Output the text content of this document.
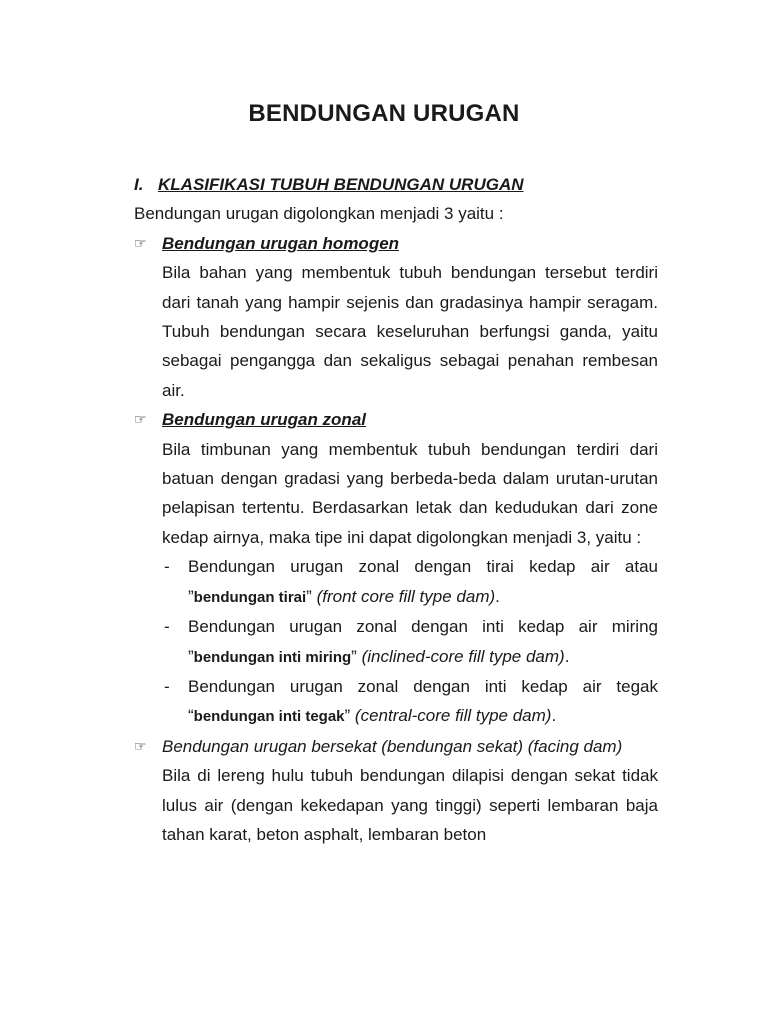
BENDUNGAN URUGAN

I. KLASIFIKASI TUBUH BENDUNGAN URUGAN

Bendungan urugan digolongkan menjadi 3 yaitu :

☞ Bendungan urugan homogen

Bila bahan yang membentuk tubuh bendungan tersebut terdiri dari tanah yang hampir sejenis dan gradasinya hampir seragam. Tubuh bendungan secara keseluruhan berfungsi ganda, yaitu sebagai pengangga dan sekaligus sebagai penahan rembesan air.

☞ Bendungan urugan zonal

Bila timbunan yang membentuk tubuh bendungan terdiri dari batuan dengan gradasi yang berbeda-beda dalam urutan-urutan pelapisan tertentu. Berdasarkan letak dan kedudukan dari zone kedap airnya, maka tipe ini dapat digolongkan menjadi 3, yaitu :

- Bendungan urugan zonal dengan tirai kedap air atau ”bendungan tirai” (front core fill type dam).
- Bendungan urugan zonal dengan inti kedap air miring ”bendungan inti miring” (inclined-core fill type dam).
- Bendungan urugan zonal dengan inti kedap air tegak “bendungan inti tegak” (central-core fill type dam).
☞ Bendungan urugan bersekat (bendungan sekat) (facing dam)

Bila di lereng hulu tubuh bendungan dilapisi dengan sekat tidak lulus air (dengan kekedapan yang tinggi) seperti lembaran baja tahan karat, beton asphalt, lembaran beton
